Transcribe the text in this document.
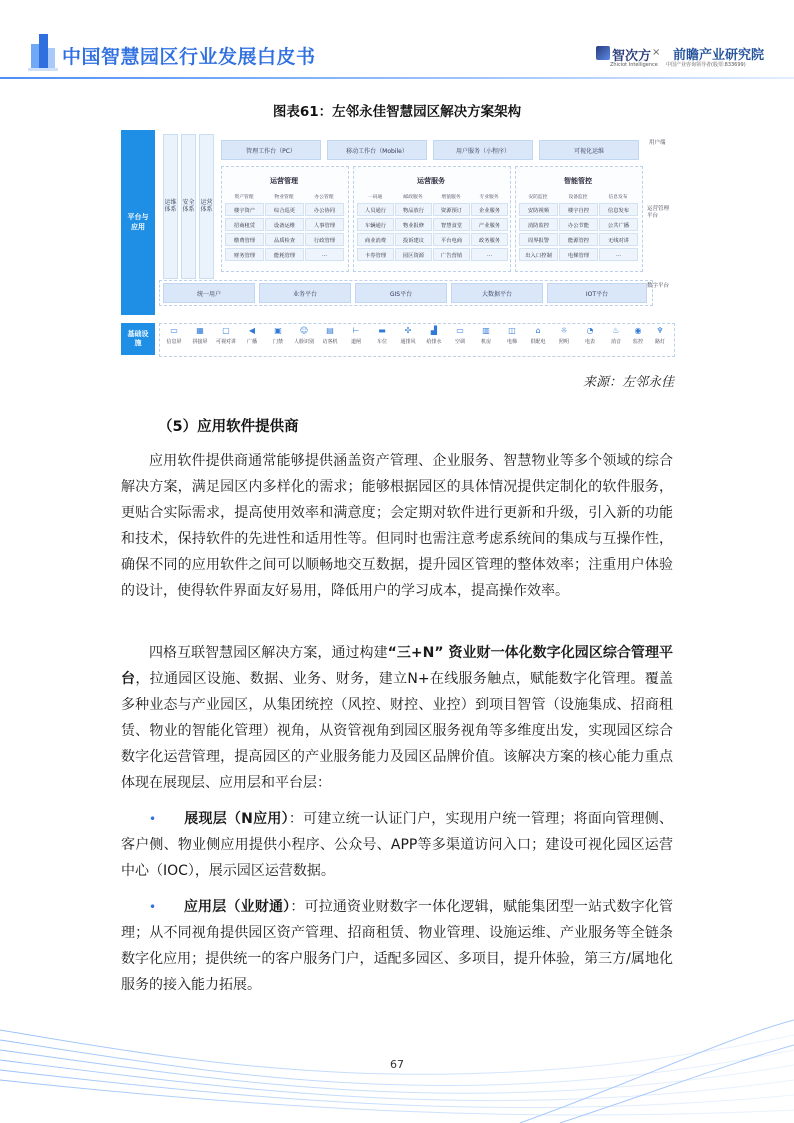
中国智慧园区行业发展白皮书	智次方
Zhiciot Intelligence
× 前瞻产业研究院
中国产业咨询领导者(股票:833699)
图表61：左邻永佳智慧园区解决方案架构
平台与应用
基础设施
运维体系
安全体系
运营体系
管理工作台（PC）	移动工作台（Mobile）	用户服务（小程序）	可视化运维
用户端
运营管理
资产管理	物业管理	办公管理
楼宇资产	综合巡更	办公协同
招商租赁	设备运维	人事管理
缴费管理	品质检查	行政管理
财务管理	能耗管理	...
运营服务
一码通	邮政服务	增值服务	专业服务
人员通行	物品放行	资源预订	企业服务
车辆通行	物业报修	智慧食堂	产业服务
商业消费	投诉建议	平台电商	政务服务
卡券管理	园区资源	广告营销	...
智能管控
安防监控	设备监控	信息发布
安防视频	楼宇自控	信息发布
消防监控	办公节能	公共广播
周界报警	能源管控	无线对讲
出入口控制	电梯管理	...
运营管理平台
统一用户	业务平台	GIS平台	大数据平台	IOT平台
数字平台
▭
信息屏
▦
拼接屏
▢
可视对讲
◀
广播
▣
门禁
☺
人脸识别
▤
访客机
⊢
道闸
▬
车位
✣
通排风
▟
给排水
▭
空调
▥
机房
◫
电梯
⌂
供配电
☼
照明
◔
电表
♨
消音
◉
监控
♆
路灯
来源：左邻永佳
（5）应用软件提供商

应用软件提供商通常能够提供涵盖资产管理、企业服务、智慧物业等多个领域的综合解决方案，满足园区内多样化的需求；能够根据园区的具体情况提供定制化的软件服务，更贴合实际需求，提高使用效率和满意度；会定期对软件进行更新和升级，引入新的功能和技术，保持软件的先进性和适用性等。但同时也需注意考虑系统间的集成与互操作性，确保不同的应用软件之间可以顺畅地交互数据，提升园区管理的整体效率；注重用户体验的设计，使得软件界面友好易用，降低用户的学习成本，提高操作效率。

四格互联智慧园区解决方案，通过构建“三+N” 资业财一体化数字化园区综合管理平台，拉通园区设施、数据、业务、财务，建立N+在线服务触点，赋能数字化管理。覆盖多种业态与产业园区，从集团统控（风控、财控、业控）到项目智管（设施集成、招商租赁、物业的智能化管理）视角，从资管视角到园区服务视角等多维度出发，实现园区综合数字化运营管理，提高园区的产业服务能力及园区品牌价值。该解决方案的核心能力重点体现在展现层、应用层和平台层：

• 展现层（N应用）：可建立统一认证门户，实现用户统一管理；将面向管理侧、客户侧、物业侧应用提供小程序、公众号、APP等多渠道访问入口；建设可视化园区运营中心（IOC），展示园区运营数据。

• 应用层（业财通）：可拉通资业财数字一体化逻辑，赋能集团型一站式数字化管理；从不同视角提供园区资产管理、招商租赁、物业管理、设施运维、产业服务等全链条数字化应用；提供统一的客户服务门户，适配多园区、多项目，提升体验，第三方/属地化服务的接入能力拓展。

67
